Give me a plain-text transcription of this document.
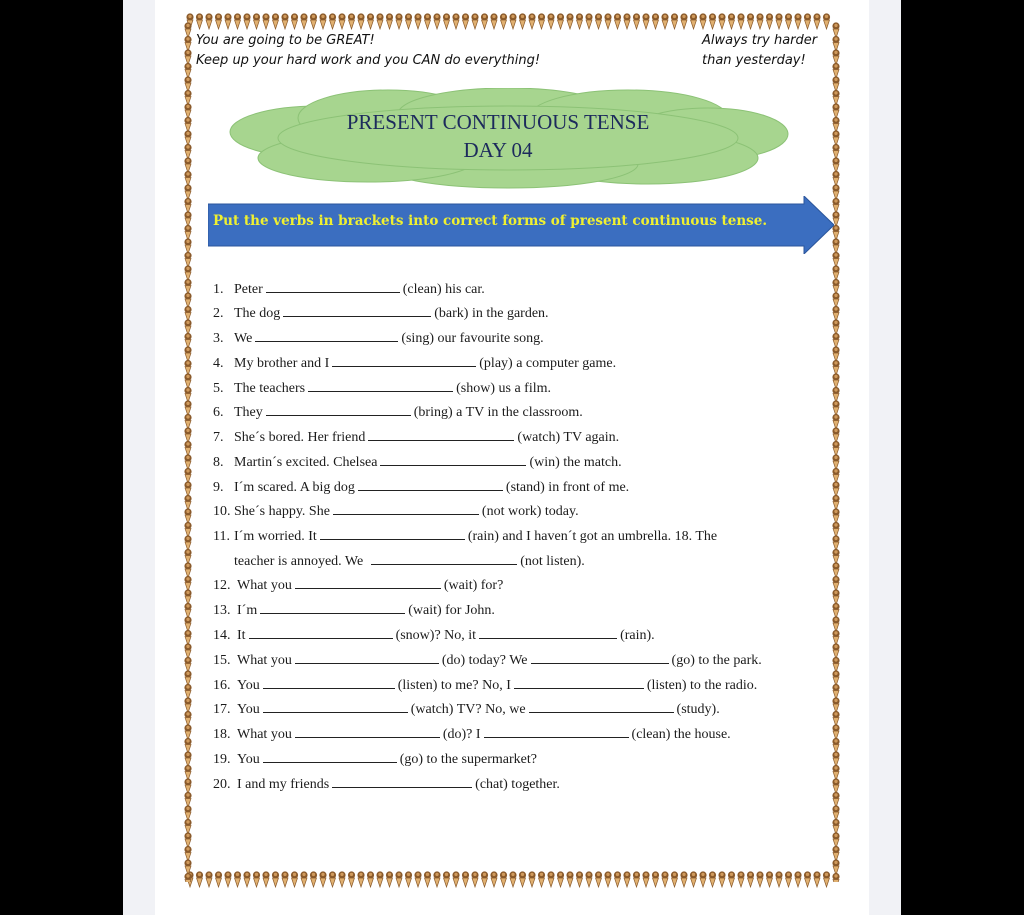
You are going to be GREAT!
Keep up your hard work and you CAN do everything!
Always try harder
than yesterday!
PRESENT CONTINUOUS TENSE
DAY 04
Put the verbs in brackets into correct forms of present continuous tense.
1. Peter	(clean) his car.
2. The dog	(bark) in the garden.
3. We	(sing) our favourite song.
4. My brother and I	(play) a computer game.
5. The teachers	(show) us a film.
6. They	(bring) a TV in the classroom.
7. She´s bored. Her friend	(watch) TV again.
8. Martin´s excited. Chelsea	(win) the match.
9. I´m scared. A big dog	(stand) in front of me.
10. She´s happy. She	(not work) today.
11. I´m worried. It	(rain) and I haven´t got an umbrella. 18. The
teacher is annoyed. We	(not listen).
12. What you	(wait) for?
13. I´m	(wait) for John.
14. It	(snow)? No, it	(rain).
15. What you	(do) today? We	(go) to the park.
16. You	(listen) to me? No, I	(listen) to the radio.
17. You	(watch) TV? No, we	(study).
18. What you	(do)? I	(clean) the house.
19. You	(go) to the supermarket?
20. I and my friends	(chat) together.
